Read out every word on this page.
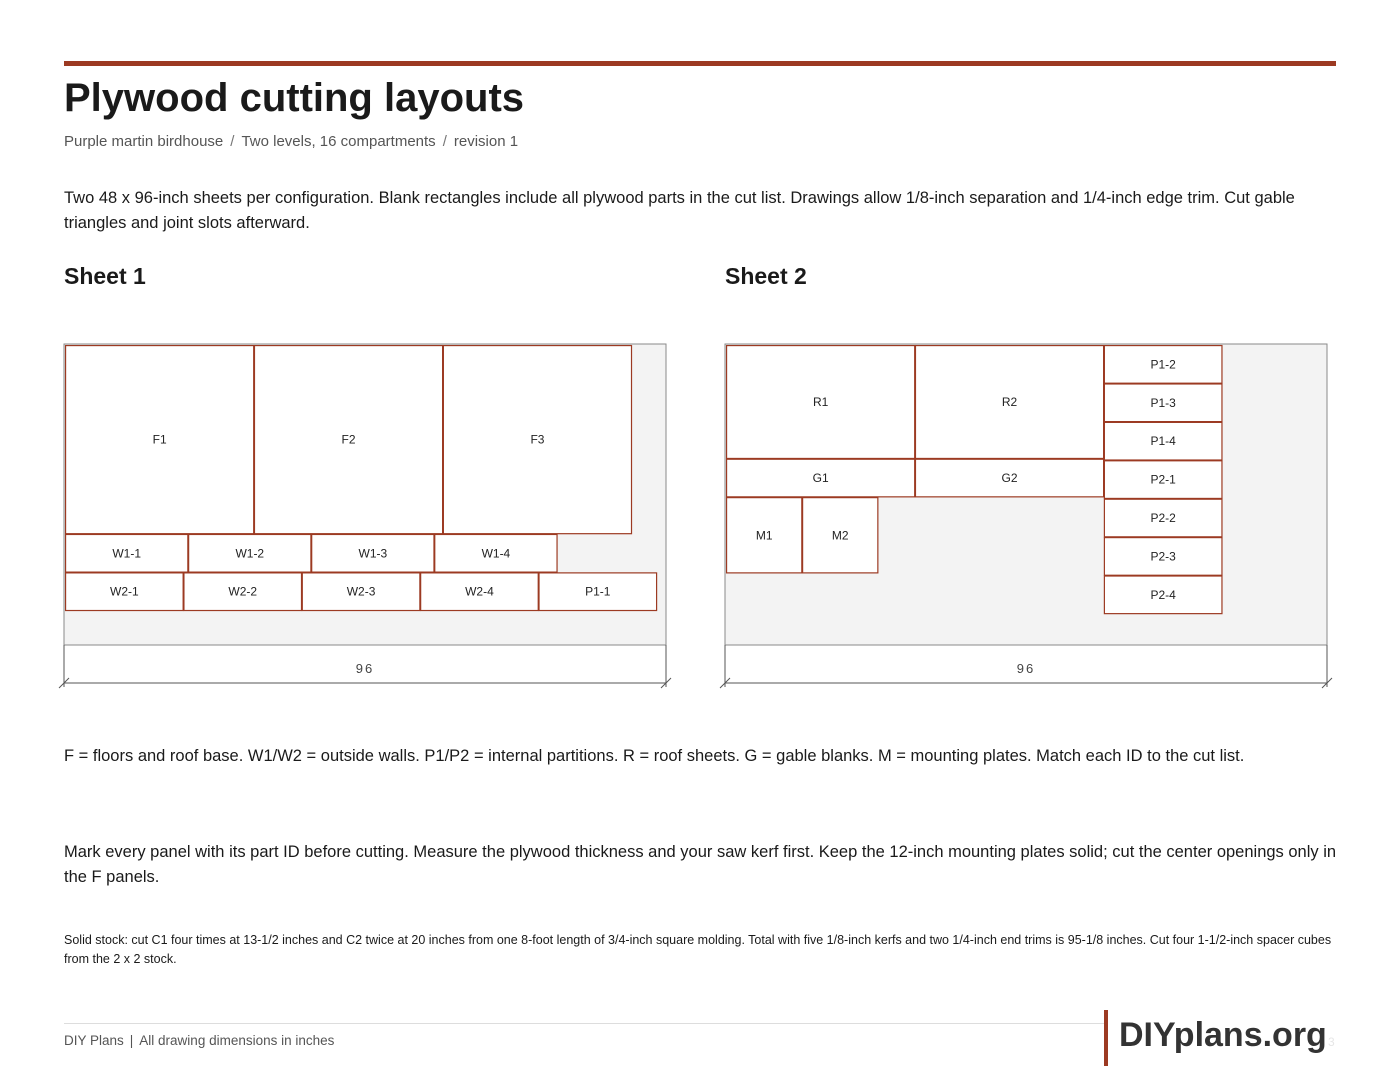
Plywood cutting layouts
Purple martin birdhouse / Two levels, 16 compartments / revision 1

Two 48 x 96-inch sheets per configuration. Blank rectangles include all plywood parts in the cut list. Drawings allow 1/8-inch separation and 1/4-inch edge trim. Cut gable triangles and joint slots afterward.

Sheet 1	Sheet 2
F1	F2	F3
W1-1	W1-2	W1-3	W1-4
W2-1	W2-2	W2-3	W2-4	P1-1
96
R1	R2
G1	G2
M1	M2
P1-2
P1-3
P1-4
P2-1
P2-2
P2-3
P2-4
96

F = floors and roof base. W1/W2 = outside walls. P1/P2 = internal partitions. R = roof sheets. G = gable blanks. M = mounting plates. Match each ID to the cut list.

Mark every panel with its part ID before cutting. Measure the plywood thickness and your saw kerf first. Keep the 12-inch mounting plates solid; cut the center openings only in the F panels.

Solid stock: cut C1 four times at 13-1/2 inches and C2 twice at 20 inches from one 8-foot length of 3/4-inch square molding. Total with five 1/8-inch kerfs and two 1/4-inch end trims is 95-1/8 inches. Cut four 1-1/2-inch spacer cubes from the 2 x 2 stock.

DIY Plans | All drawing dimensions in inches	DIYplans.org 3
